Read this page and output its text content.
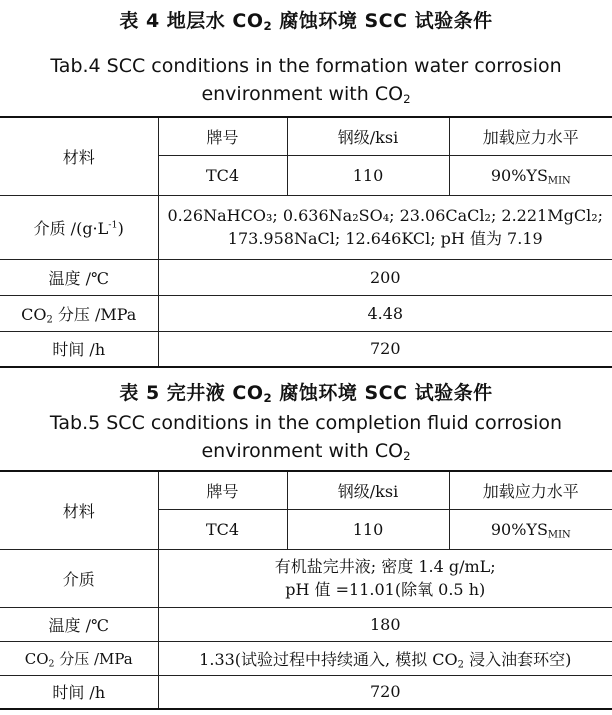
表 4 地层水 $CO_2$ 腐蚀环境 SCC 试验条件
Tab.4 SCC conditions in the formation water corrosion
environment with $CO_2$
材料	牌号	钢级/ksi	加载应力水平
	TC4	110	$90\%YS_{MIN}$
介质 $/(g\cdot L^{-1})$	0.26NaHCO₃; 0.636Na₂SO₄; 23.06CaCl₂; 2.221MgCl₂;
173.958NaCl; 12.646KCl; pH 值为 7.19		

温度 /℃	200		
$CO_2$ 分压 /MPa	4.48		
时间 /h	720		
表 5 完井液 $CO_2$ 腐蚀环境 SCC 试验条件
Tab.5 SCC conditions in the completion fluid corrosion
environment with $CO_2$
材料	牌号	钢级/ksi	加载应力水平
	TC4	110	$90\%YS_{MIN}$
介质	有机盐完井液; 密度 1.4 g/mL;
pH 值 =11.01(除氧 0.5 h)		

温度 /℃	180		
$CO_2$ 分压 /MPa	1.33(试验过程中持续通入, 模拟 $CO_2$ 浸入油套环空)		
时间 /h	720		
